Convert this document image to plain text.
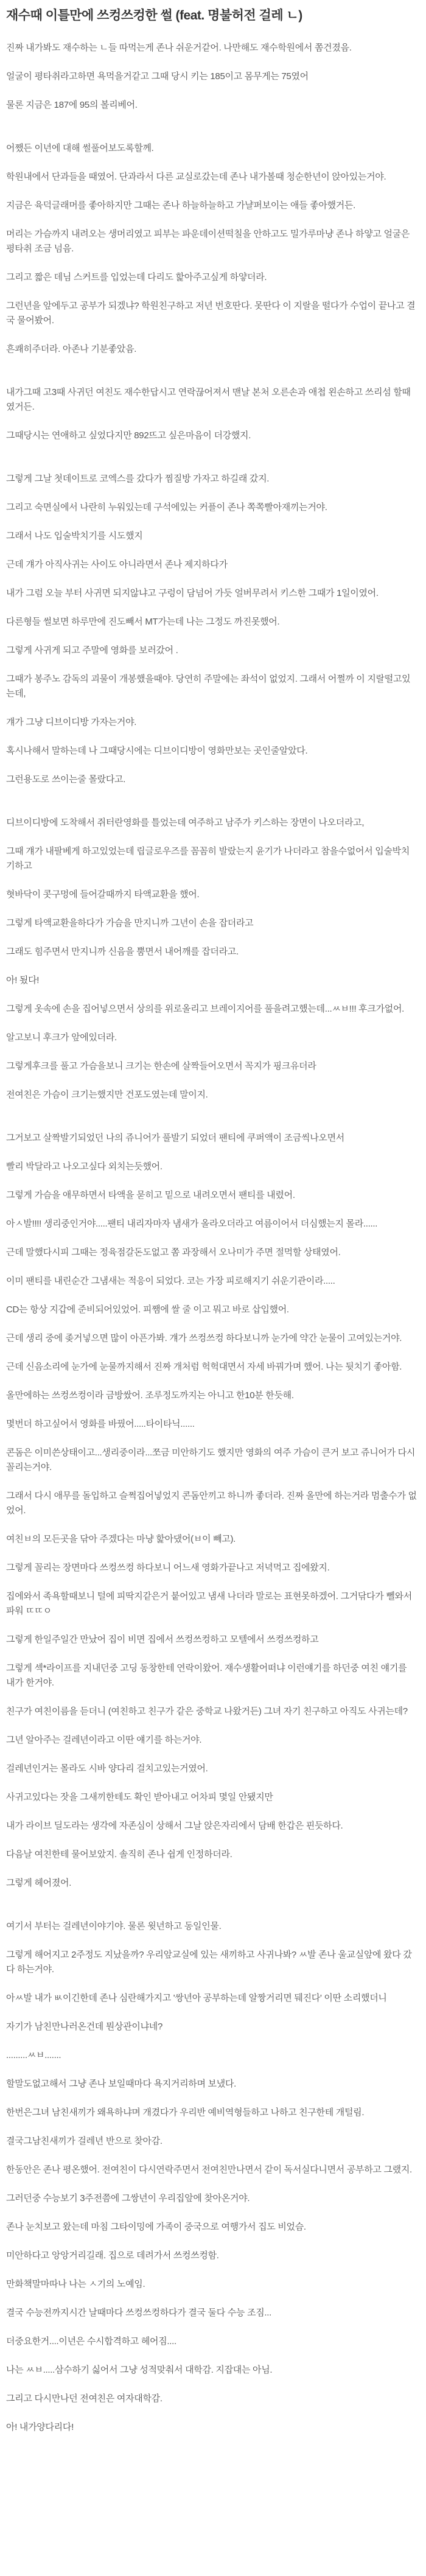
재수때 이틀만에 쓰컹쓰컹한 썰 (feat. 명불허전 걸레 ㄴ)

진짜 내가봐도 재수하는 ㄴ들 따먹는게 존나 쉬운거같어. 나만해도 재수학원에서 쫌건졌음.

얼굴이 평타취라고하면 욕먹을거같고 그때 당시 키는 185이고 몸무게는 75였어

물론 지금은 187에 95의 볼리베어.

어쨌든 이년에 대해 썰풀어보도록할께.

학원내에서 단과들을 때였어. 단과라서 다른 교실로갔는데 존나 내가볼때 청순한년이 앉아있는거야.

지금은 육덕글래머를 좋아하지만 그때는 존나 하늘하늘하고 가냘퍼보이는 애들 좋아했거든.

머리는 가슴까지 내려오는 생머리였고 피부는 파운데이션떡칠을 안하고도 밀가루마냥 존나 하얗고 얼굴은 평타취 조금 넘음.

그리고 짧은 데님 스커트를 입었는데 다리도 핥아주고싶게 하얗더라.

그런년을 앞에두고 공부가 되겠냐? 학원친구하고 저년 번호딴다. 못딴다 이 지랄을 떨다가 수업이 끝나고 결국 물어봤어.

흔쾌히주더라. 아존나 기분좋았음.

내가그때 고3때 사귀던 여친도 재수한답시고 연락끊어져서 맨날 본처 오른손과 애첩 왼손하고 쓰리섬 할때였거든.

그때당시는 연애하고 싶었다지만 892뜨고 싶은마음이 더강했지.

그렇게 그날 첫데이트로 코엑스를 갔다가 찜질방 가자고 하길래 갔지.

그리고 숙면실에서 나란히 누워있는데 구석에있는 커플이 존나 쪽쪽빨아재끼는거야.

그래서 나도 입술박치기를 시도했지

근데 걔가 아직사귀는 사이도 아니라면서 존나 제지하다가

내가 그럼 오늘 부터 사귀면 되지않냐고 구렁이 담넘어 가듯 얼버무려서 키스한 그때가 1일이였어.

다른형들 썰보면 하루만에 진도빼서 MT가는데 나는 그정도 까진못했어.

그렇게 사귀게 되고 주말에 영화를 보러갔어 .

그때가 봉주노 감독의 괴물이 개봉했을때야. 당연히 주말에는 좌석이 없었지. 그래서 어쩔까 이 지랄떨고있는데,

걔가 그냥 디브이디방 가자는거야.

혹시나해서 말하는데 나 그때당시에는 디브이디방이 영화만보는 곳인줄알았다.

그런용도로 쓰이는줄 몰랐다고.

디브이디방에 도착해서 쥐터란영화를 틀었는데 여주하고 남주가 키스하는 장면이 나오더라고,

그때 걔가 내팔베게 하고있었는데 립글로우즈를 꼼꼼히 발랐는지 윤기가 나더라고 참을수없어서 입술박치기하고

혓바닥이 콧구멍에 들어갈때까지 타액교환을 했어.

그렇게 타액교환을하다가 가슴을 만지니까 그년이 손을 잡더라고

그래도 힘주면서 만지니까 신음을 뿜면서 내어깨를 잡더라고.

아! 됬다!

그렇게 옷속에 손을 집어넣으면서 상의를 위로올리고 브레이지어를 풀을려고했는데...ㅆㅂ!!! 후크가없어.

알고보니 후크가 앞에있더라.

그렇게후크를 풀고 가슴을보니 크기는 한손에 살짝들어오면서 꼭지가 핑크유더라

전여친은 가슴이 크기는했지만 건포도였는데 말이지.

그거보고 살짝발기되었던 나의 쥬니어가 풀발기 되었더 팬티에 쿠퍼액이 조금씩나오면서

빨리 박달라고 나오고싶다 외치는듯했어.

그렇게 가슴을 애무하면서 타액을 묻히고 밑으로 내려오면서 팬티를 내렸어.

아ㅅ발!!!! 생리중인거야.....팬티 내리자마자 냄새가 올라오더라고 여름이어서 더심했는지 몰라......

근데 말했다시피 그때는 정육점갈돈도없고 쫌 과장해서 오나미가 주면 절먹할 상태였어.

이미 팬티를 내린순간 그냄새는 적응이 되었다. 코는 가장 피로해지기 쉬운기관이라.....

CD는 항상 지갑에 준비되어있었어. 피쨈에 쌀 줄 이고 뭐고 바로 삽입했어.

근데 생리 중에 좆거넣으면 많이 아픈가봐. 걔가 쓰컹쓰컹 하다보니까 눈가에 약간 눈물이 고여있는거야.

근데 신음소리에 눈가에 눈물까지해서 진짜 개처럼 헉헉대면서 자세 바꿔가며 했어. 나는 뒷치기 좋아함.

올만에하는 쓰컹쓰컹이라 금방쌌어. 조루정도까지는 아니고 한10분 한듯해.

몇번더 하고싶어서 영화를 바꿨어.....타이타닉......

콘돔은 이미쓴상태이고...생리중이라...쪼금 미안하기도 했지만 영화의 여주 가슴이 큰거 보고 쥬니어가 다시꼴리는거야.

그래서 다시 애무를 돌입하고 슬쩍집어넣었지 콘돔안끼고 하니까 좋더라. 진짜 올만에 하는거라 멈출수가 없었어.

여친ㅂ의 모든곳을 닦아 주겠다는 마냥 핥아댔어(ㅂ이 빼고).

그렇게 꼴리는 장면마다 쓰컹쓰컹 하다보니 어느새 영화가끝나고 저녁먹고 집에왔지.

집에와서 족욕할때보니 털에 피딱지같은거 붙어있고 냄새 나더라 말로는 표현못하겠어. 그거닦다가 뻴와서 파워 ㄸㄸㅇ

그렇게 한일주일간 만났어 집이 비면 집에서 쓰컹쓰컹하고 모텔에서 쓰컹쓰컹하고

그렇게 섹*라이프를 지내던중 고딩 동창한테 연락이왔어. 재수생활어떠냐 이런얘기를 하던중 여친 얘기를 내가 한거야.

친구가 여친이름을 듣더니 (여친하고 친구가 같은 중학교 나왔거든) 그녀 자기 친구하고 아직도 사귀는데?

그년 알아주는 걸레년이라고 이딴 얘기를 하는거야.

걸레년인거는 몰라도 시바 양다리 걸치고있는거였어.

사귀고있다는 잣을 그새끼한테도 확인 받아내고 어차피 몇일 안됐지만

내가 라이브 딜도라는 생각에 자존심이 상해서 그날 앉은자리에서 담배 한갑은 핀듯하다.

다음날 여친한테 물어보았지. 솔직히 존나 쉽게 인정하더라.

그렇게 헤어졌어.

여기서 부터는 걸레년이야기야. 물론 윗년하고 동일인물.

그렇게 해어지고 2주정도 지났을까? 우리앞교실에 있는 새끼하고 사귀나봐? ㅆ발 존나 울교실앞에 왔다 갔다 하는거야.

아ㅆ발 내가 ㅄ이긴한데 존나 심란해가지고 '쌍년아 공부하는데 알짱거리면 뒈진다' 이딴 소리했더니

자기가 남친만나러온건데 뭔상관이냐네?

.........ㅆㅂ.......

할말도없고해서 그냥 존나 보일때마다 욕지거리하며 보냈다.

한번은그녀 남친새끼가 왜욕하냐며 개겼다가 우리반 예비역형들하고 나하고 친구한테 개털림.

결국그남친새끼가 걸레년 반으로 찾아감.

한동안은 존나 평온했어. 전여친이 다시연락주면서 전여친만나면서 같이 독서실다니면서 공부하고 그랬지.

그러던중 수능보기 3주전쯤에 그쌍년이 우리집앞에 찾아온거야.

존나 눈치보고 왔는데 마침 그타이밍에 가족이 중국으로 여행가서 집도 비었슴.

미안하다고 앙앙거리길래. 집으로 데려가서 쓰컹쓰컹함.

만화책말마따나 나는 ㅅ기의 노예임.

결국 수능전까지시간 날때마다 쓰컹쓰컹하다가 결국 둘다 수능 조짐...

더중요한거....이년은 수시합격하고 헤어짐....

나는 ㅆㅂ.....삼수하기 싫어서 그냥 성적맞춰서 대학감. 지잡대는 아님.

그리고 다시만나던 전여친은 여자대학감.

아! 내가양다리다!
